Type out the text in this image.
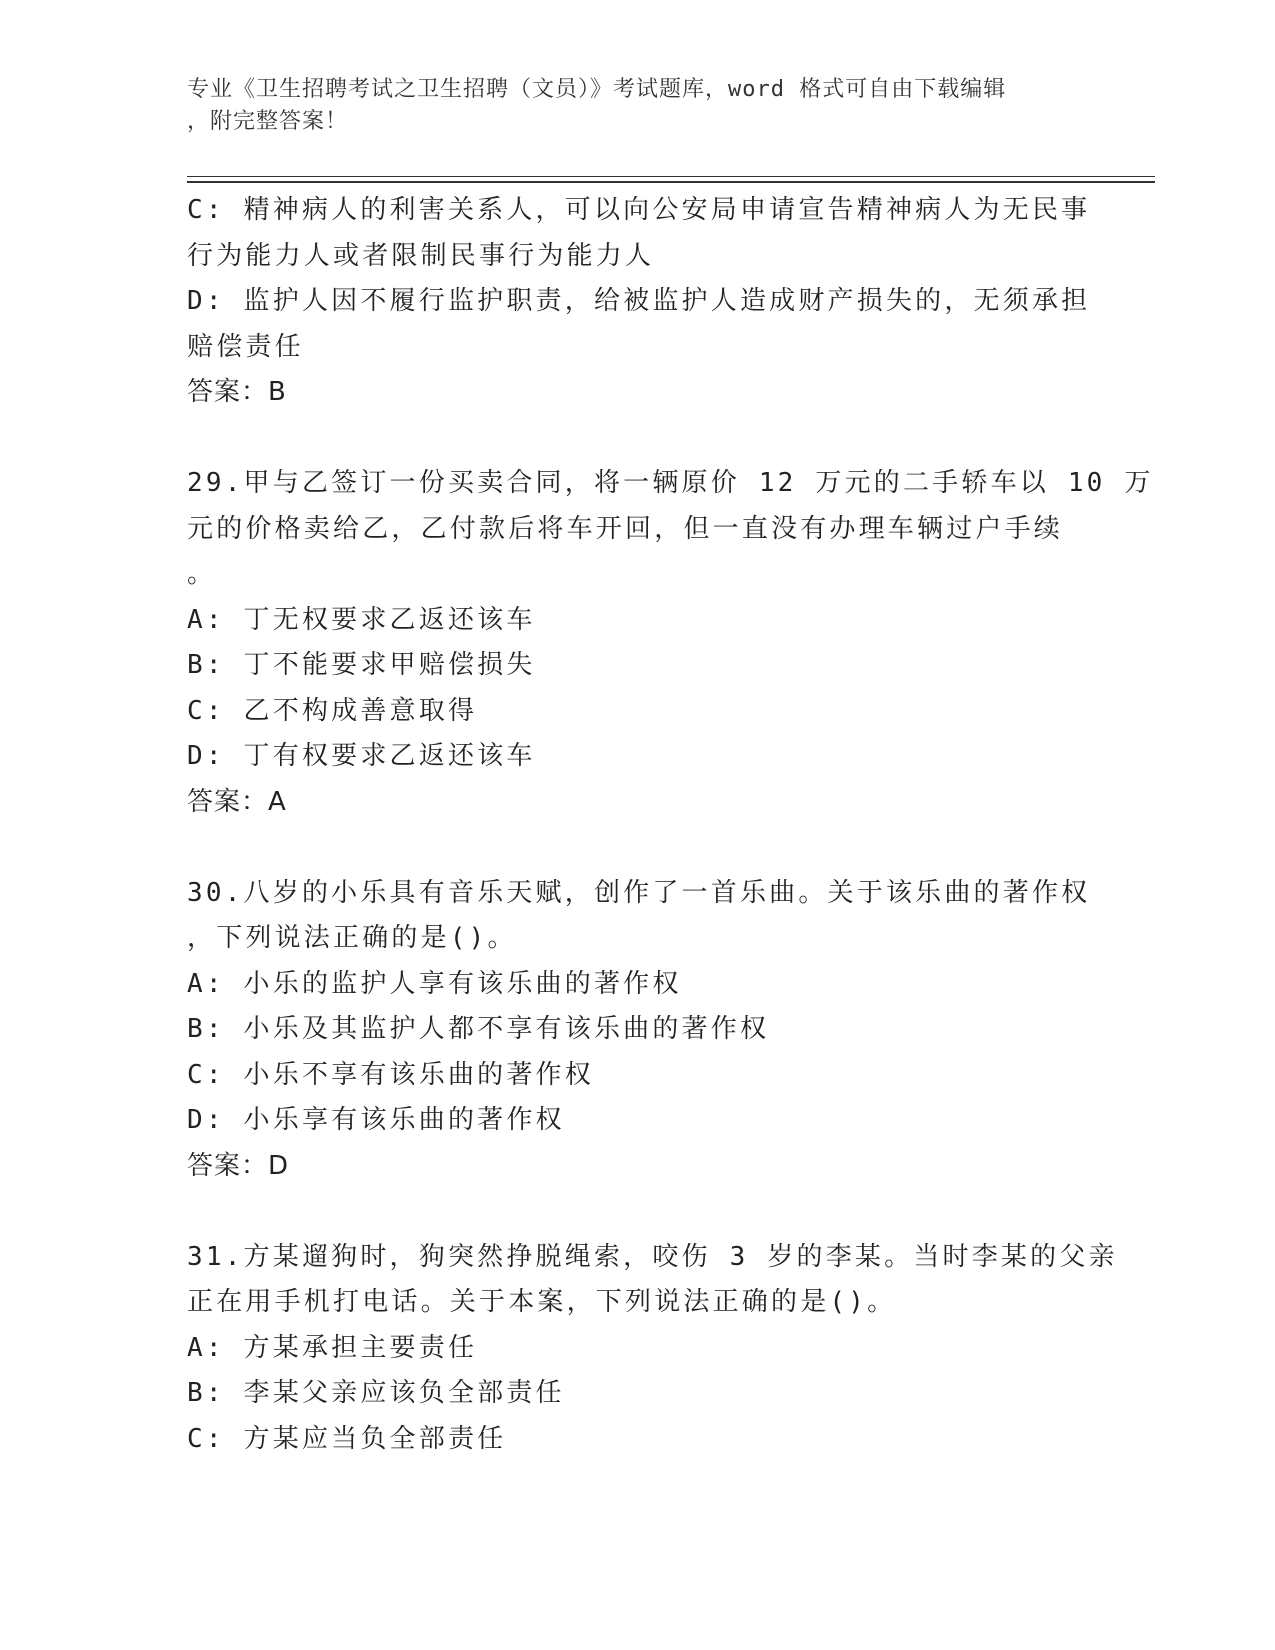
专业《卫生招聘考试之卫生招聘（文员）》考试题库，word 格式可自由下载编辑
，附完整答案！
C: 精神病人的利害关系人，可以向公安局申请宣告精神病人为无民事
行为能力人或者限制民事行为能力人
D: 监护人因不履行监护职责，给被监护人造成财产损失的，无须承担
赔偿责任
答案：B
29.甲与乙签订一份买卖合同，将一辆原价 12 万元的二手轿车以 10 万
元的价格卖给乙，乙付款后将车开回，但一直没有办理车辆过户手续
。
A: 丁无权要求乙返还该车
B: 丁不能要求甲赔偿损失
C: 乙不构成善意取得
D: 丁有权要求乙返还该车
答案：A
30.八岁的小乐具有音乐天赋，创作了一首乐曲。关于该乐曲的著作权
，下列说法正确的是()。
A: 小乐的监护人享有该乐曲的著作权
B: 小乐及其监护人都不享有该乐曲的著作权
C: 小乐不享有该乐曲的著作权
D: 小乐享有该乐曲的著作权
答案：D
31.方某遛狗时，狗突然挣脱绳索，咬伤 3 岁的李某。当时李某的父亲
正在用手机打电话。关于本案，下列说法正确的是()。
A: 方某承担主要责任
B: 李某父亲应该负全部责任
C: 方某应当负全部责任
